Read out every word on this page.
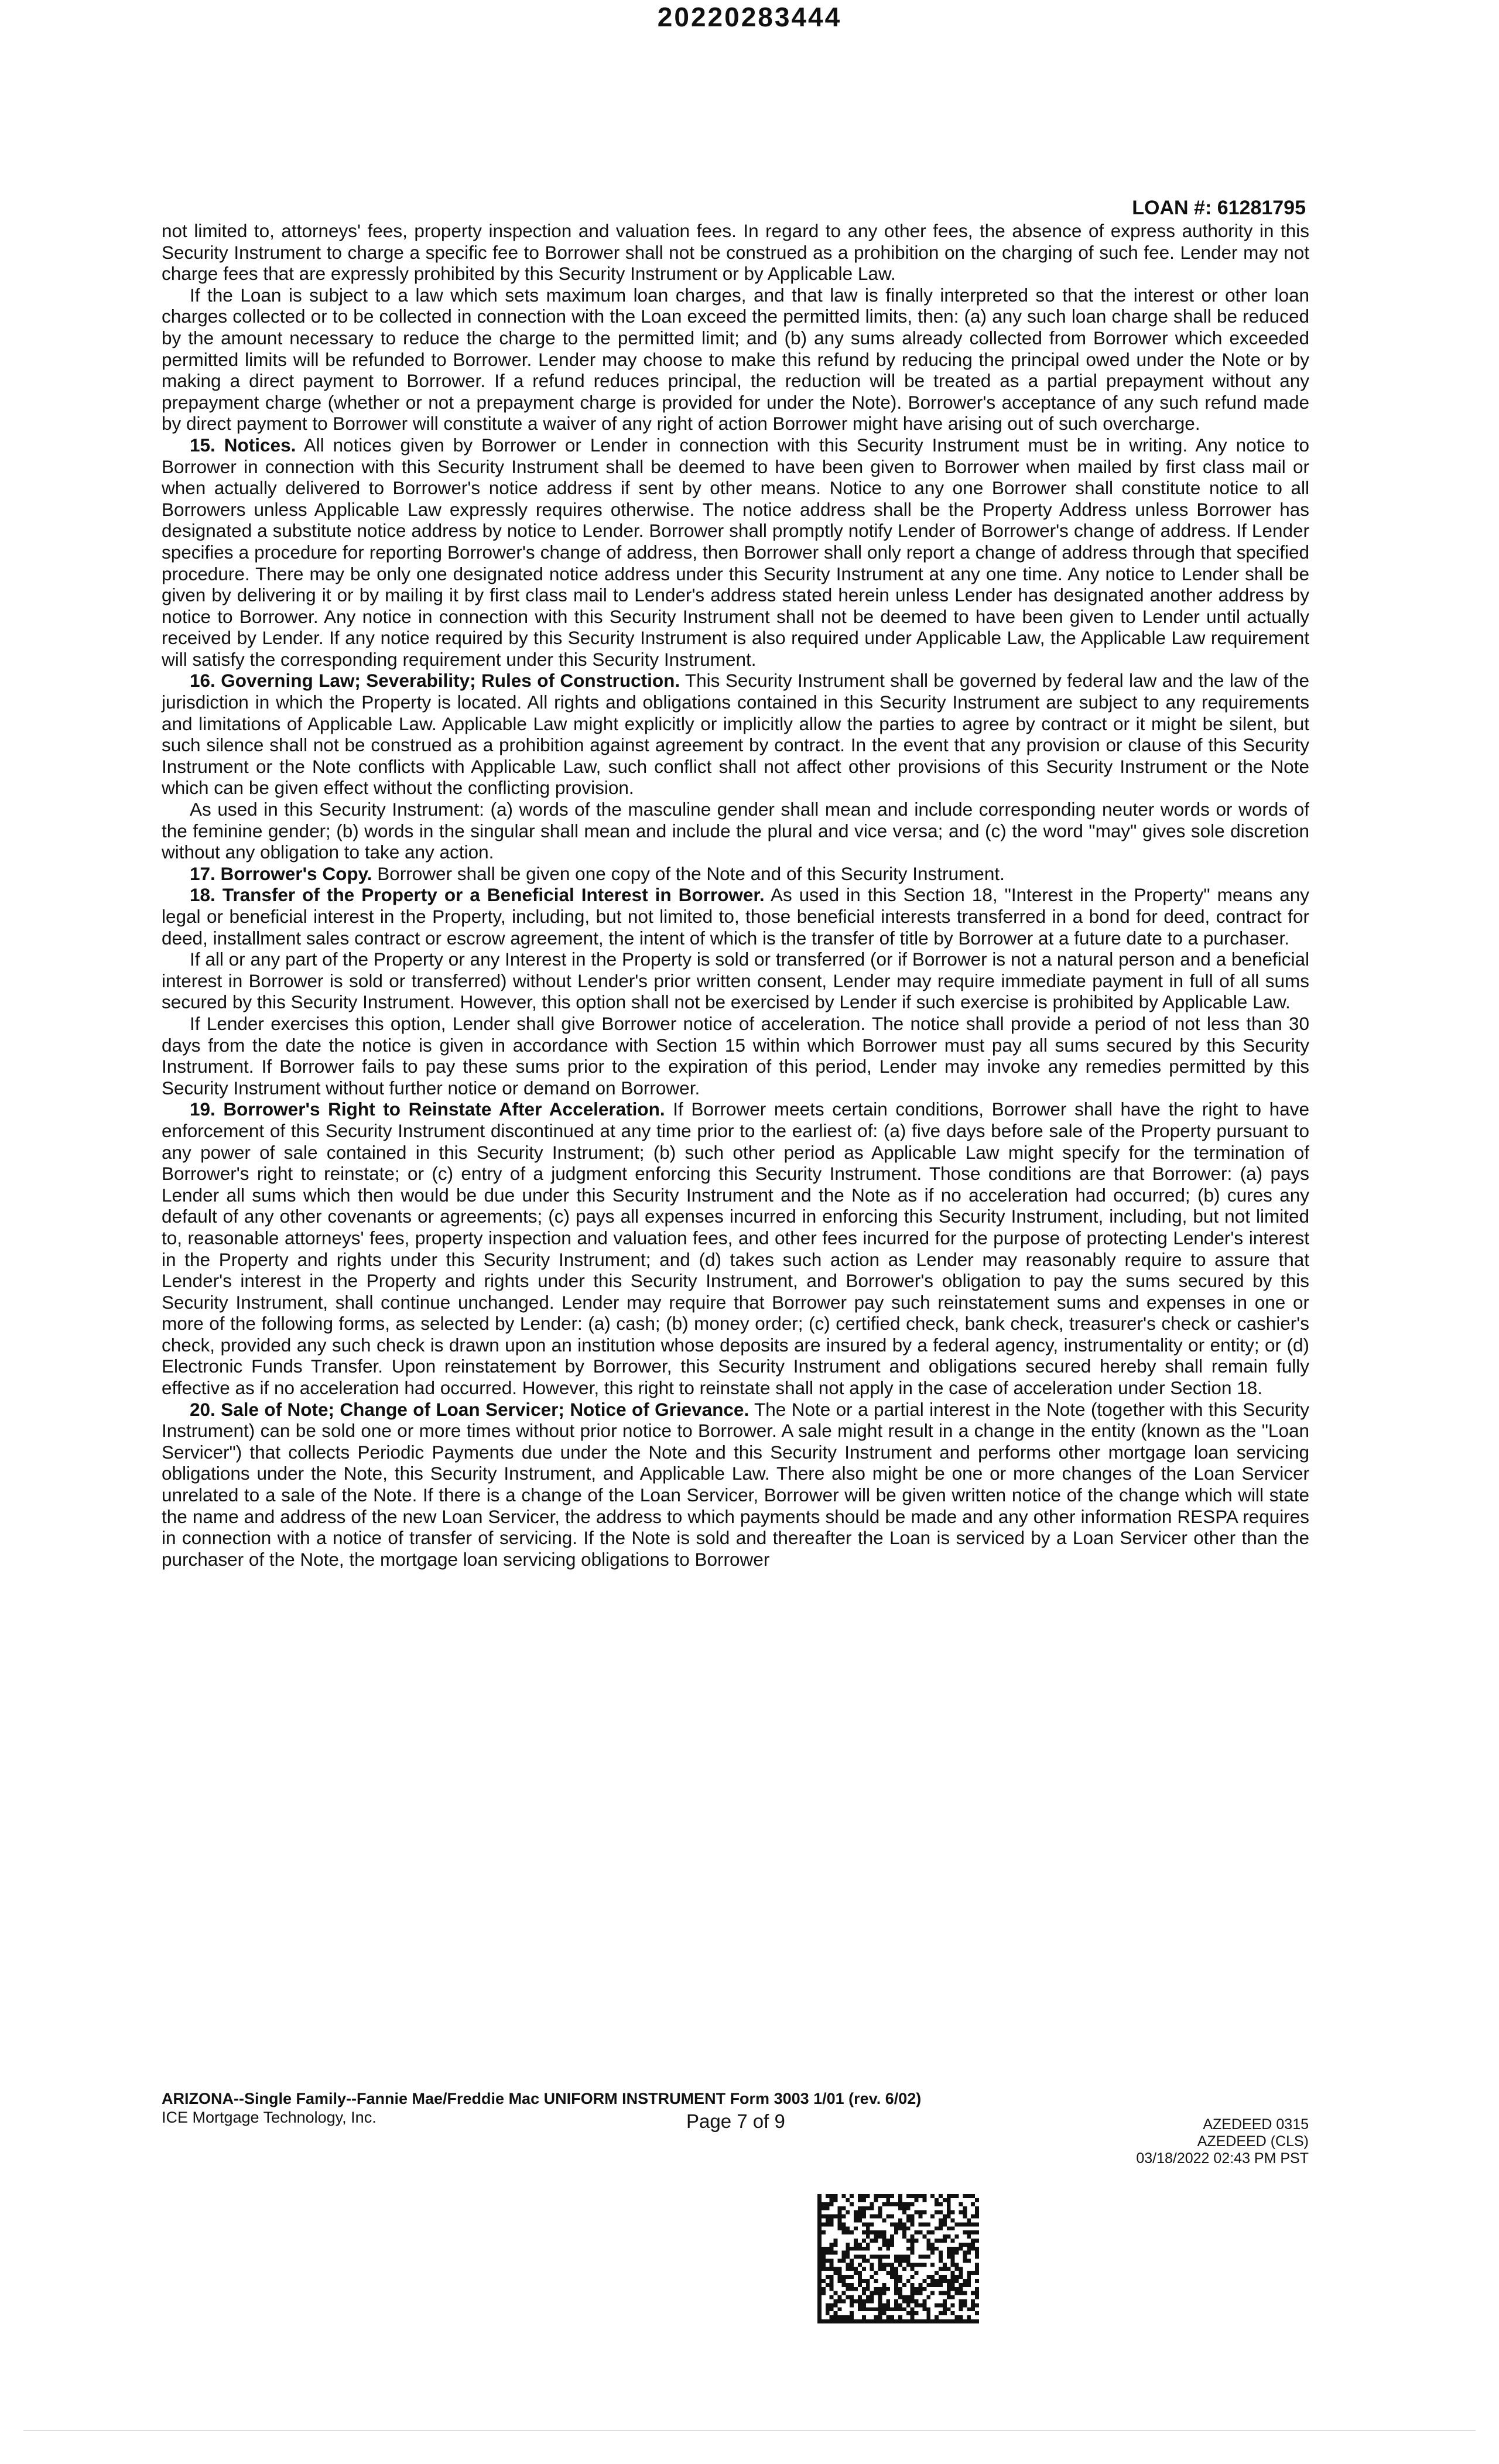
20220283444
LOAN #: 61281795

not limited to, attorneys' fees, property inspection and valuation fees. In regard to any other fees, the absence of express authority in this Security Instrument to charge a specific fee to Borrower shall not be construed as a prohibition on the charging of such fee. Lender may not charge fees that are expressly prohibited by this Security Instrument or by Applicable Law.

If the Loan is subject to a law which sets maximum loan charges, and that law is finally interpreted so that the interest or other loan charges collected or to be collected in connection with the Loan exceed the permitted limits, then: (a) any such loan charge shall be reduced by the amount necessary to reduce the charge to the permitted limit; and (b) any sums already collected from Borrower which exceeded permitted limits will be refunded to Borrower. Lender may choose to make this refund by reducing the principal owed under the Note or by making a direct payment to Borrower. If a refund reduces principal, the reduction will be treated as a partial prepayment without any prepayment charge (whether or not a prepayment charge is provided for under the Note). Borrower's acceptance of any such refund made by direct payment to Borrower will constitute a waiver of any right of action Borrower might have arising out of such overcharge.

15. Notices. All notices given by Borrower or Lender in connection with this Security Instrument must be in writing. Any notice to Borrower in connection with this Security Instrument shall be deemed to have been given to Borrower when mailed by first class mail or when actually delivered to Borrower's notice address if sent by other means. Notice to any one Borrower shall constitute notice to all Borrowers unless Applicable Law expressly requires otherwise. The notice address shall be the Property Address unless Borrower has designated a substitute notice address by notice to Lender. Borrower shall promptly notify Lender of Borrower's change of address. If Lender specifies a procedure for reporting Borrower's change of address, then Borrower shall only report a change of address through that specified procedure. There may be only one designated notice address under this Security Instrument at any one time. Any notice to Lender shall be given by delivering it or by mailing it by first class mail to Lender's address stated herein unless Lender has designated another address by notice to Borrower. Any notice in connection with this Security Instrument shall not be deemed to have been given to Lender until actually received by Lender. If any notice required by this Security Instrument is also required under Applicable Law, the Applicable Law requirement will satisfy the corresponding requirement under this Security Instrument.

16. Governing Law; Severability; Rules of Construction. This Security Instrument shall be governed by federal law and the law of the jurisdiction in which the Property is located. All rights and obligations contained in this Security Instrument are subject to any requirements and limitations of Applicable Law. Applicable Law might explicitly or implicitly allow the parties to agree by contract or it might be silent, but such silence shall not be construed as a prohibition against agreement by contract. In the event that any provision or clause of this Security Instrument or the Note conflicts with Applicable Law, such conflict shall not affect other provisions of this Security Instrument or the Note which can be given effect without the conflicting provision.

As used in this Security Instrument: (a) words of the masculine gender shall mean and include corresponding neuter words or words of the feminine gender; (b) words in the singular shall mean and include the plural and vice versa; and (c) the word "may" gives sole discretion without any obligation to take any action.

17. Borrower's Copy. Borrower shall be given one copy of the Note and of this Security Instrument.

18. Transfer of the Property or a Beneficial Interest in Borrower. As used in this Section 18, "Interest in the Property" means any legal or beneficial interest in the Property, including, but not limited to, those beneficial interests transferred in a bond for deed, contract for deed, installment sales contract or escrow agreement, the intent of which is the transfer of title by Borrower at a future date to a purchaser.

If all or any part of the Property or any Interest in the Property is sold or transferred (or if Borrower is not a natural person and a beneficial interest in Borrower is sold or transferred) without Lender's prior written consent, Lender may require immediate payment in full of all sums secured by this Security Instrument. However, this option shall not be exercised by Lender if such exercise is prohibited by Applicable Law.

If Lender exercises this option, Lender shall give Borrower notice of acceleration. The notice shall provide a period of not less than 30 days from the date the notice is given in accordance with Section 15 within which Borrower must pay all sums secured by this Security Instrument. If Borrower fails to pay these sums prior to the expiration of this period, Lender may invoke any remedies permitted by this Security Instrument without further notice or demand on Borrower.

19. Borrower's Right to Reinstate After Acceleration. If Borrower meets certain conditions, Borrower shall have the right to have enforcement of this Security Instrument discontinued at any time prior to the earliest of: (a) five days before sale of the Property pursuant to any power of sale contained in this Security Instrument; (b) such other period as Applicable Law might specify for the termination of Borrower's right to reinstate; or (c) entry of a judgment enforcing this Security Instrument. Those conditions are that Borrower: (a) pays Lender all sums which then would be due under this Security Instrument and the Note as if no acceleration had occurred; (b) cures any default of any other covenants or agreements; (c) pays all expenses incurred in enforcing this Security Instrument, including, but not limited to, reasonable attorneys' fees, property inspection and valuation fees, and other fees incurred for the purpose of protecting Lender's interest in the Property and rights under this Security Instrument; and (d) takes such action as Lender may reasonably require to assure that Lender's interest in the Property and rights under this Security Instrument, and Borrower's obligation to pay the sums secured by this Security Instrument, shall continue unchanged. Lender may require that Borrower pay such reinstatement sums and expenses in one or more of the following forms, as selected by Lender: (a) cash; (b) money order; (c) certified check, bank check, treasurer's check or cashier's check, provided any such check is drawn upon an institution whose deposits are insured by a federal agency, instrumentality or entity; or (d) Electronic Funds Transfer. Upon reinstatement by Borrower, this Security Instrument and obligations secured hereby shall remain fully effective as if no acceleration had occurred. However, this right to reinstate shall not apply in the case of acceleration under Section 18.

20. Sale of Note; Change of Loan Servicer; Notice of Grievance. The Note or a partial interest in the Note (together with this Security Instrument) can be sold one or more times without prior notice to Borrower. A sale might result in a change in the entity (known as the "Loan Servicer") that collects Periodic Payments due under the Note and this Security Instrument and performs other mortgage loan servicing obligations under the Note, this Security Instrument, and Applicable Law. There also might be one or more changes of the Loan Servicer unrelated to a sale of the Note. If there is a change of the Loan Servicer, Borrower will be given written notice of the change which will state the name and address of the new Loan Servicer, the address to which payments should be made and any other information RESPA requires in connection with a notice of transfer of servicing. If the Note is sold and thereafter the Loan is serviced by a Loan Servicer other than the purchaser of the Note, the mortgage loan servicing obligations to Borrower

ARIZONA--Single Family--Fannie Mae/Freddie Mac UNIFORM INSTRUMENT Form 3003 1/01 (rev. 6/02)
ICE Mortgage Technology, Inc.	Page 7 of 9	AZEDEED 0315
AZEDEED (CLS)
03/18/2022 02:43 PM PST
